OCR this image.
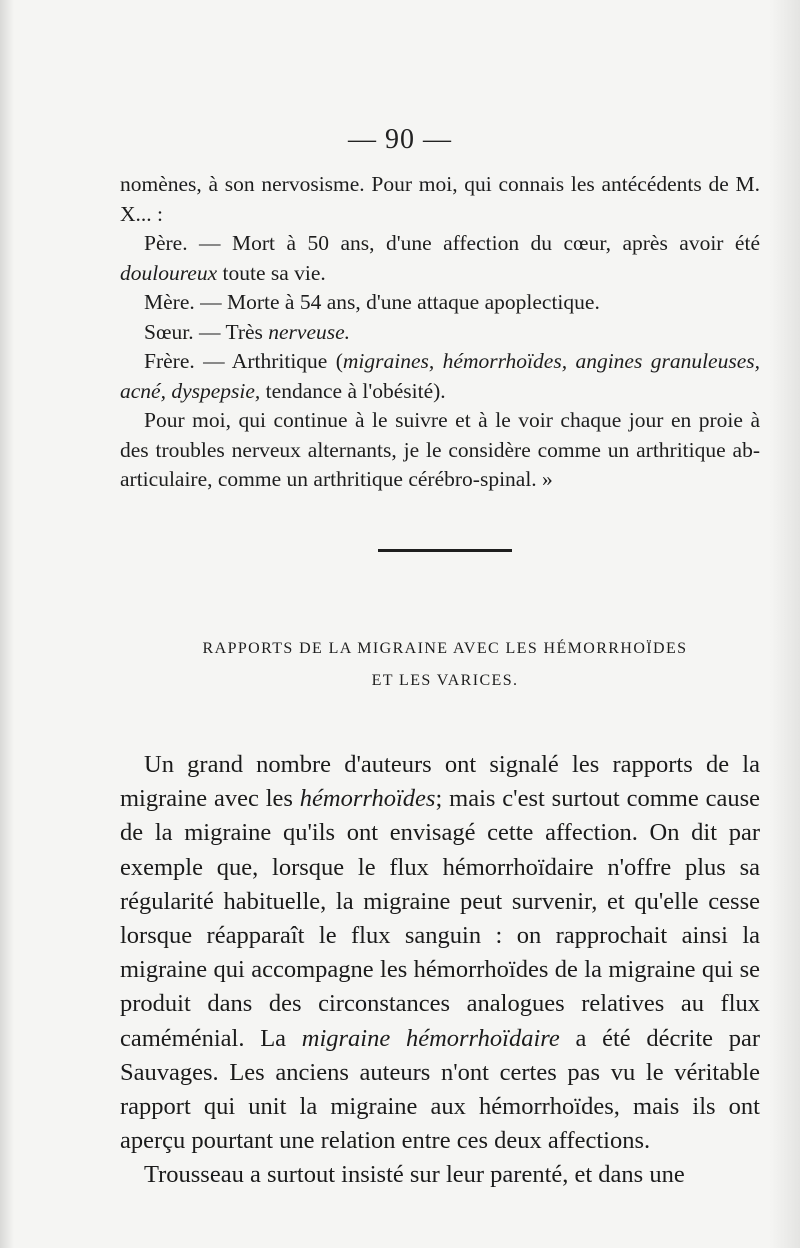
— 90 —

nomènes, à son nervosisme. Pour moi, qui connais les antécédents de M. X... :

Père. — Mort à 50 ans, d'une affection du cœur, après avoir été douloureux toute sa vie.

Mère. — Morte à 54 ans, d'une attaque apoplectique.

Sœur. — Très nerveuse.

Frère. — Arthritique (migraines, hémorrhoïdes, angines granuleuses, acné, dyspepsie, tendance à l'obésité).

Pour moi, qui continue à le suivre et à le voir chaque jour en proie à des troubles nerveux alternants, je le considère comme un arthritique ab-articulaire, comme un arthritique cérébro-spinal. »

RAPPORTS DE LA MIGRAINE AVEC LES HÉMORRHOÏDES
ET LES VARICES.

Un grand nombre d'auteurs ont signalé les rapports de la migraine avec les hémorrhoïdes; mais c'est surtout comme cause de la migraine qu'ils ont envisagé cette affection. On dit par exemple que, lorsque le flux hémorrhoïdaire n'offre plus sa régularité habituelle, la migraine peut survenir, et qu'elle cesse lorsque réapparaît le flux sanguin : on rapprochait ainsi la migraine qui accompagne les hémorrhoïdes de la migraine qui se produit dans des circonstances analogues relatives au flux caméménial. La migraine hémorrhoïdaire a été décrite par Sauvages. Les anciens auteurs n'ont certes pas vu le véritable rapport qui unit la migraine aux hémorrhoïdes, mais ils ont aperçu pourtant une relation entre ces deux affections.

Trousseau a surtout insisté sur leur parenté, et dans une
